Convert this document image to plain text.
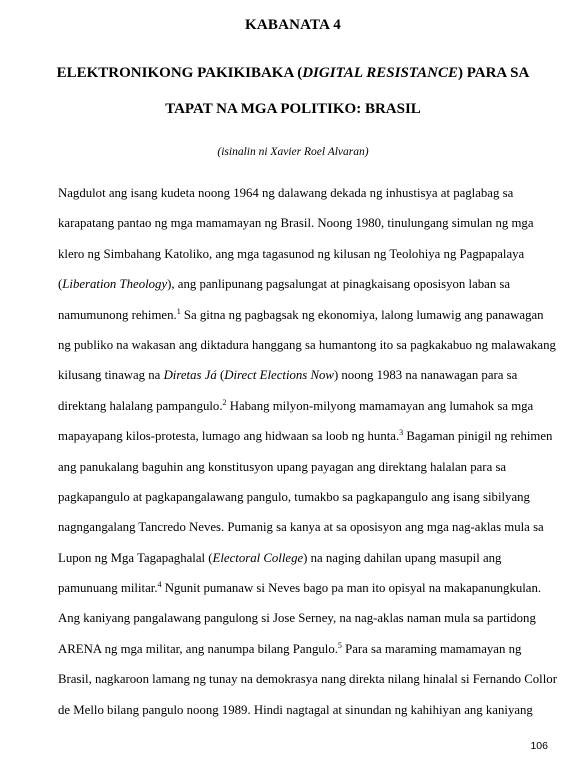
KABANATA 4
ELEKTRONIKONG PAKIKIBAKA (DIGITAL RESISTANCE) PARA SA
TAPAT NA MGA POLITIKO: BRASIL
(isinalin ni Xavier Roel Alvaran)
Nagdulot ang isang kudeta noong 1964 ng dalawang dekada ng inhustisya at paglabag sa
karapatang pantao ng mga mamamayan ng Brasil. Noong 1980, tinulungang simulan ng mga
klero ng Simbahang Katoliko, ang mga tagasunod ng kilusan ng Teolohiya ng Pagpapalaya
(Liberation Theology), ang panlipunang pagsalungat at pinagkaisang oposisyon laban sa
namumunong rehimen.$^1$ Sa gitna ng pagbagsak ng ekonomiya, lalong lumawig ang panawagan
ng publiko na wakasan ang diktadura hanggang sa humantong ito sa pagkakabuo ng malawakang
kilusang tinawag na Diretas Já (Direct Elections Now) noong 1983 na nanawagan para sa
direktang halalang pampangulo.$^2$ Habang milyon-milyong mamamayan ang lumahok sa mga
mapayapang kilos-protesta, lumago ang hidwaan sa loob ng hunta.$^3$ Bagaman pinigil ng rehimen
ang panukalang baguhin ang konstitusyon upang payagan ang direktang halalan para sa
pagkapangulo at pagkapangalawang pangulo, tumakbo sa pagkapangulo ang isang sibilyang
nagngangalang Tancredo Neves. Pumanig sa kanya at sa oposisyon ang mga nag-aklas mula sa
Lupon ng Mga Tagapaghalal (Electoral College) na naging dahilan upang masupil ang
pamunuang militar.$^4$ Ngunit pumanaw si Neves bago pa man ito opisyal na makapanungkulan.
Ang kaniyang pangalawang pangulong si Jose Serney, na nag-aklas naman mula sa partidong
ARENA ng mga militar, ang nanumpa bilang Pangulo.$^5$ Para sa maraming mamamayan ng
Brasil, nagkaroon lamang ng tunay na demokrasya nang direkta nilang hinalal si Fernando Collor
de Mello bilang pangulo noong 1989. Hindi nagtagal at sinundan ng kahihiyan ang kaniyang
106
